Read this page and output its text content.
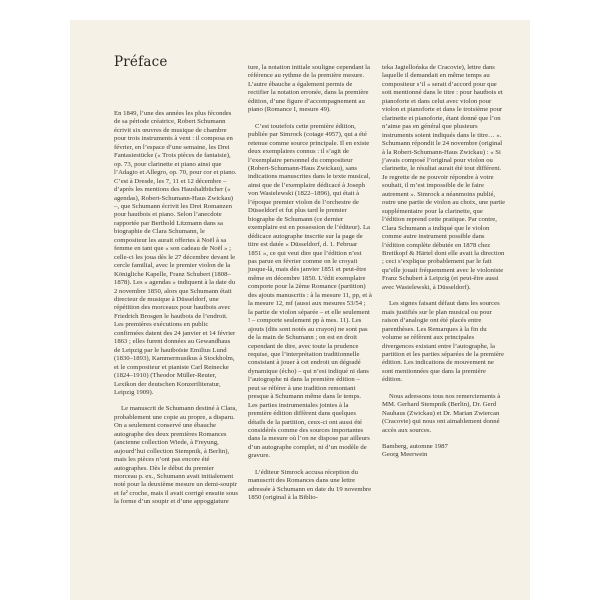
Préface

En 1849, l’une des années les plus fécondes de sa période créatrice, Robert Schumann écrivit six œuvres de musique de chambre pour trois instruments à vent : il composa en février, en l’espace d’une semaine, les Drei Fantasiestücke (« Trois pièces de fantaisie), op. 73, pour clarinette et piano ainsi que l’Adagio et Allegro, op. 70, pour cor et piano. C’est à Dresde, les 7, 11 et 12 décembre – d’après les mentions des Haushaltbücher (« agendas), Robert-Schumann-Haus Zwickau) –, que Schumann écrivit les Drei Romanzen pour hautbois et piano. Selon l’anecdote rapportée par Berthold Litzmann dans sa biographie de Clara Schumann, le compositeur les aurait offertes à Noël à sa femme en tant que « son cadeau de Noël » ; celle-ci les joua dès le 27 décembre devant le cercle familial, avec le premier violon de la Königliche Kapelle, Franz Schubert (1808–1878). Les « agendas » indiquent à la date du 2 novembre 1850, alors que Schumann était directeur de musique à Düsseldorf, une répétition des morceaux pour hautbois avec Friedrich Brosgen le hautbois de l’endroit. Les premières exécutions en public confirmées datent des 24 janvier et 14 février 1863 ; elles furent données au Gewandhaus de Leipzig par le hautboïste Emilius Lund (1830–1893), Kammermusikus à Stockholm, et le compositeur et pianiste Carl Reinecke (1824–1910) (Theodor Müller-Reuter, Lexikon der deutschen Konzertliteratur, Leipzig 1909).

Le manuscrit de Schumann destiné à Clara, probablement une copie au propre, a disparu. On a seulement conservé une ébauche autographe des deux premières Romances (ancienne collection Wiede, à Freyung, aujourd’hui collection Stempnik, à Berlin), mais les pièces n’ont pas encore été autographes. Dès le début du premier morceau p. ex., Schumann avait initialement noté pour la deuxième mesure un demi-soupir et fa² croche, mais il avait corrigé ensuite sous la forme d’un soupir et d’une appoggiature

ture, la notation initiale souligne cependant la référence au rythme de la première mesure. L’autre ébauche a également permis de rectifier la notation erronée, dans la première édition, d’une figure d’accompagnement au piano (Romance I, mesure 49).

C’est toutefois cette première édition, publiée par Simrock (cotage 4957), qui a été retenue comme source principale. Il en existe deux exemplaires connus : il s’agit de l’exemplaire personnel du compositeur (Robert-Schumann-Haus Zwickau), sans indications manuscrites dans le texte musical, ainsi que de l’exemplaire dédicacé à Joseph von Wasielewski (1822–1896), qui était à l’époque premier violon de l’orchestre de Düsseldorf et fut plus tard le premier biographe de Schumann (ce dernier exemplaire est en possession de l’éditeur). La dédicace autographe inscrite sur la page de titre est datée « Düsseldorf, d. 1. Februar 1851 », ce qui veut dire que l’édition n’est pas parue en février comme on le croyait jusque-là, mais dès janvier 1851 et peut-être même en décembre 1850. L’édit exemplaire comporte pour la 2ème Romance (partition) des ajouts manuscrits : à la mesure 11, pp, et à la mesure 12, mf (aussi aux mesures 53/54 ; la partie de violon séparée – et elle seulement ! – comporte seulement pp à mes. 11). Les ajouts (dits sont notés au crayon) ne sont pas de la main de Schumann ; on est en droit cependant de dire, avec toute la prudence requise, que l’interprétation traditionnelle consistant à jouer à cet endroit un dégradé dynamique (écho) – qui n’est indiqué ni dans l’autographe ni dans la première édition – peut se référer à une tradition remontant presque à Schumann même dans le temps. Les parties instrumentales jointes à la première édition diffèrent dans quelques détails de la partition, ceux-ci ont aussi été considérés comme des sources importantes dans la mesure où l’on ne dispose par ailleurs d’un autographe complet, ni d’un modèle de gravure.

L’éditeur Simrock accusa réception du manuscrit des Romances dans une lettre adressée à Schumann en date du 19 novembre 1850 (original à la Biblio-

teka Jagiellońska de Cracovie), lettre dans laquelle il demandait en même temps au compositeur s’il « serait d’accord pour que soit mentionné dans le titre : pour hautbois et pianoforte et dans celui avec violon pour violon et pianoforte et dans le troisième pour clarinette et pianoforte, étant donné que l’on n’aime pas en général que plusieurs instruments soient indiqués dans le titre… ». Schumann répondit le 24 novembre (original à la Robert-Schumann-Haus Zwickau) : « Si j’avais composé l’original pour violon ou clarinette, le résultat aurait été tout différent. Je regrette de ne pouvoir répondre à votre souhait, il m’est impossible de le faire autrement ». Simrock a néanmoins publié, outre une partie de violon au choix, une partie supplémentaire pour la clarinette, que l’édition reprend cette pratique. Par contre, Clara Schumann a indiqué que le violon comme autre instrument possible dans l’édition complète débutée en 1878 chez Breitkopf & Härtel dont elle avait la direction ; ceci s’explique probablement par le fait qu’elle jouait fréquemment avec le violoniste Franz Schubert à Leipzig (et peut-être aussi avec Wasielewski, à Düsseldorf).

Les signes faisant défaut dans les sources mais justifiés sur le plan musical ou pour raison d’analogie ont été placés entre parenthèses. Les Remarques à la fin du volume se réfèrent aux principales divergences existant entre l’autographe, la partition et les parties séparées de la première édition. Les indications de mouvement ne sont mentionnées que dans la première édition.

Nous adressons tous nos remerciements à MM. Gerhard Stempnik (Berlin), Dr. Gerd Nauhaus (Zwickau) et Dr. Marian Zwiercan (Cracovie) qui nous ont aimablement donné accès aux sources.

Bamberg, automne 1987

Georg Meerwein
